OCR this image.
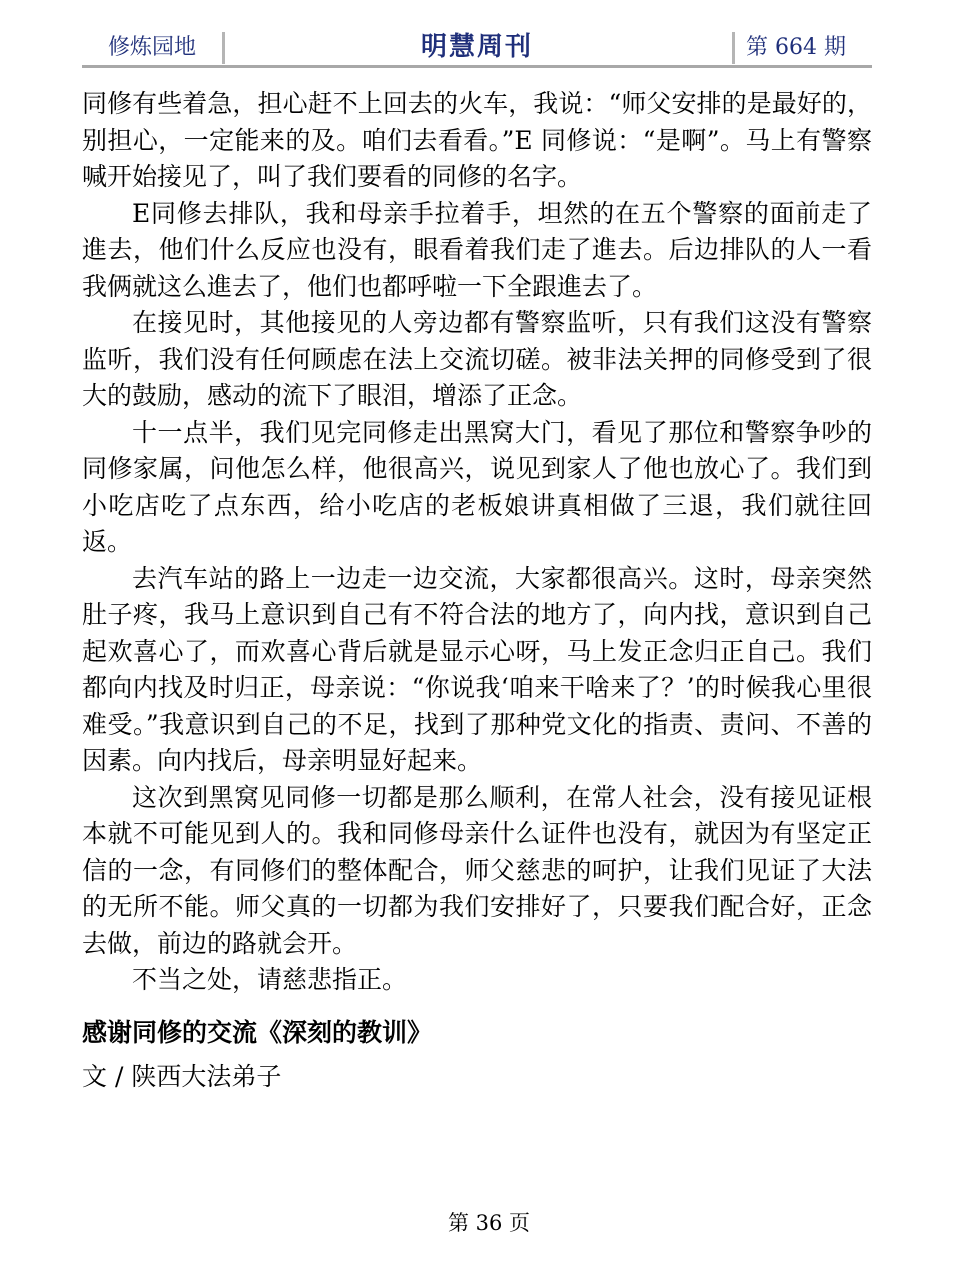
修炼园地	明慧周刊	第 664 期

同修有些着急，担心赶不上回去的火车，我说：“师父安排的是最好的，别担心，一定能来的及。咱们去看看。”E 同修说：“是啊”。马上有警察喊开始接见了，叫了我们要看的同修的名字。

E同修去排队，我和母亲手拉着手，坦然的在五个警察的面前走了進去，他们什么反应也没有，眼看着我们走了進去。后边排队的人一看我俩就这么進去了，他们也都呼啦一下全跟進去了。

在接见时，其他接见的人旁边都有警察监听，只有我们这没有警察监听，我们没有任何顾虑在法上交流切磋。被非法关押的同修受到了很大的鼓励，感动的流下了眼泪，增添了正念。

十一点半，我们见完同修走出黑窝大门，看见了那位和警察争吵的同修家属，问他怎么样，他很高兴，说见到家人了他也放心了。我们到小吃店吃了点东西，给小吃店的老板娘讲真相做了三退，我们就往回返。

去汽车站的路上一边走一边交流，大家都很高兴。这时，母亲突然肚子疼，我马上意识到自己有不符合法的地方了，向内找，意识到自己起欢喜心了，而欢喜心背后就是显示心呀，马上发正念归正自己。我们都向内找及时归正，母亲说：“你说我‘咱来干啥来了？’的时候我心里很难受。”我意识到自己的不足，找到了那种党文化的指责、责问、不善的因素。向内找后，母亲明显好起来。

这次到黑窝见同修一切都是那么顺利，在常人社会，没有接见证根本就不可能见到人的。我和同修母亲什么证件也没有，就因为有坚定正信的一念，有同修们的整体配合，师父慈悲的呵护，让我们见证了大法的无所不能。师父真的一切都为我们安排好了，只要我们配合好，正念去做，前边的路就会开。

不当之处，请慈悲指正。

感谢同修的交流《深刻的教训》

文 / 陕西大法弟子

第 36 页
